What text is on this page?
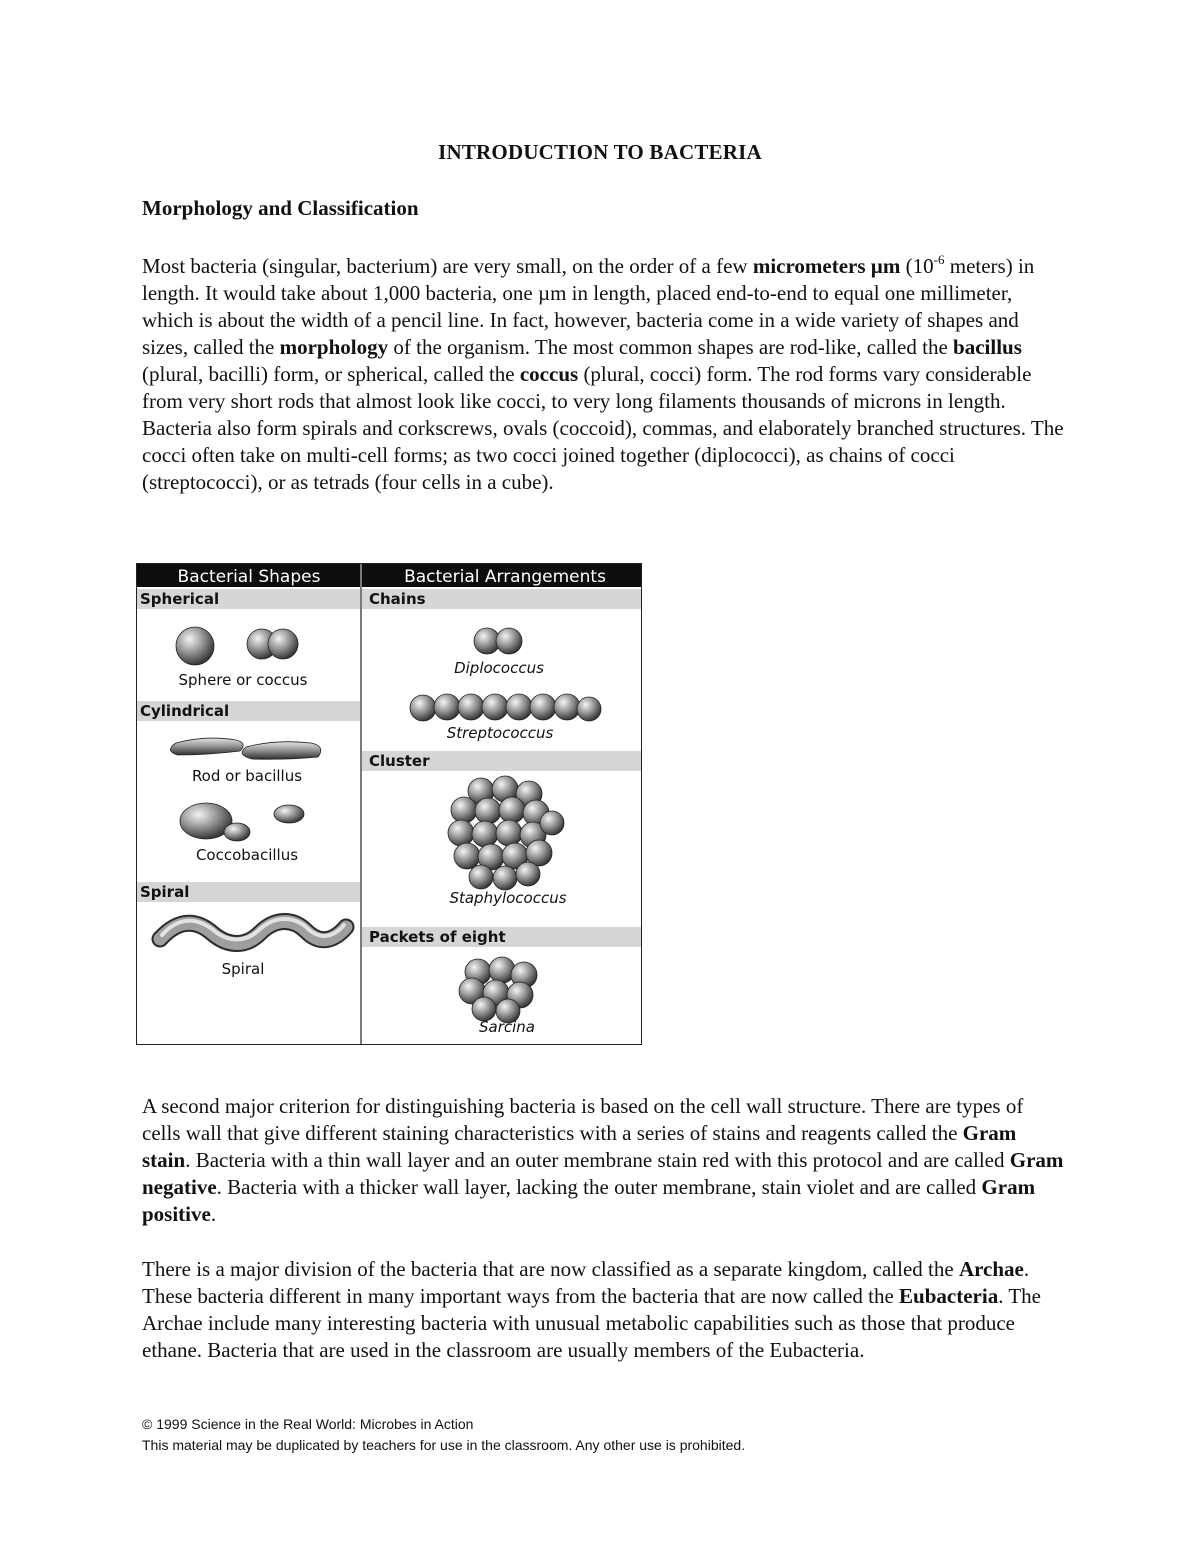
INTRODUCTION TO BACTERIA
Morphology and Classification

Most bacteria (singular, bacterium) are very small, on the order of a few micrometers µm ($10^{-6}$ meters) in length. It would take about 1,000 bacteria, one µm in length, placed end-to-end to equal one millimeter, which is about the width of a pencil line. In fact, however, bacteria come in a wide variety of shapes and sizes, called the morphology of the organism. The most common shapes are rod-like, called the bacillus (plural, bacilli) form, or spherical, called the coccus (plural, cocci) form. The rod forms vary considerable from very short rods that almost look like cocci, to very long filaments thousands of microns in length. Bacteria also form spirals and corkscrews, ovals (coccoid), commas, and elaborately branched structures. The cocci often take on multi-cell forms; as two cocci joined together (diplococci), as chains of cocci (streptococci), or as tetrads (four cells in a cube).

Bacterial Shapes	Bacterial Arrangements
Spherical
Cylindrical
Spiral
Chains
Cluster
Packets of eight
Sphere or coccus
Rod or bacillus
Coccobacillus
Spiral
Diplococcus
Streptococcus
Staphylococcus
Sarcina

A second major criterion for distinguishing bacteria is based on the cell wall structure. There are types of cells wall that give different staining characteristics with a series of stains and reagents called the Gram stain. Bacteria with a thin wall layer and an outer membrane stain red with this protocol and are called Gram negative. Bacteria with a thicker wall layer, lacking the outer membrane, stain violet and are called Gram positive.

There is a major division of the bacteria that are now classified as a separate kingdom, called the Archae. These bacteria different in many important ways from the bacteria that are now called the Eubacteria. The Archae include many interesting bacteria with unusual metabolic capabilities such as those that produce ethane. Bacteria that are used in the classroom are usually members of the Eubacteria.

© 1999 Science in the Real World: Microbes in Action
This material may be duplicated by teachers for use in the classroom. Any other use is prohibited.
